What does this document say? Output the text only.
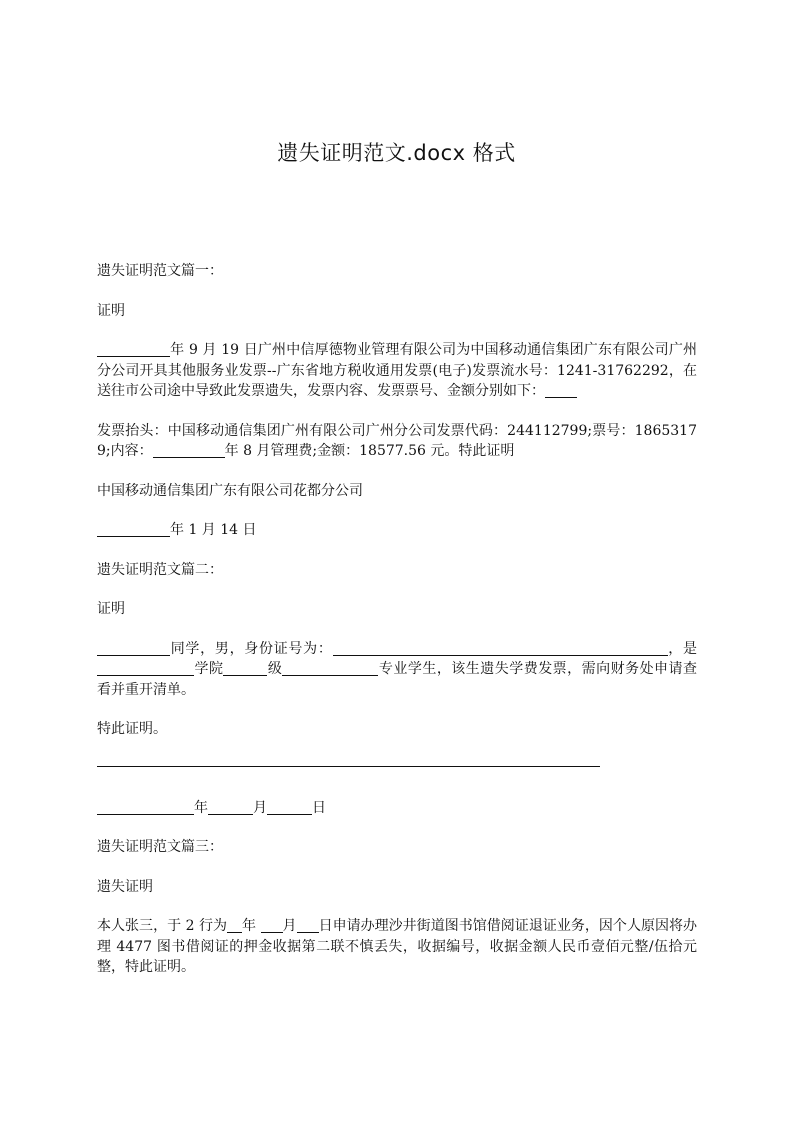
遗失证明范文.docx 格式

遗失证明范文篇一：

证明

年 9 月 19 日广州中信厚德物业管理有限公司为中国移动通信集团广东有限公司广州分公司开具其他服务业发票--广东省地方税收通用发票(电子)发票流水号：1241-31762292，在送往市公司途中导致此发票遗失，发票内容、发票票号、金额分别如下：

发票抬头：中国移动通信集团广州有限公司广州分公司发票代码：244112799;票号：18653179;内容：	年 8 月管理费;金额：18577.56 元。特此证明

中国移动通信集团广东有限公司花都分公司

年 1 月 14 日

遗失证明范文篇二：

证明

同学，男，身份证号为：	，是学院	级	专业学生，该生遗失学费发票，需向财务处申请查看并重开清单。

特此证明。

年	月	日

遗失证明范文篇三：

遗失证明

本人张三，于 2 行为 年 月 日申请办理沙井街道图书馆借阅证退证业务，因个人原因将办理 4477 图书借阅证的押金收据第二联不慎丢失，收据编号，收据金额人民币壹佰元整/伍拾元整，特此证明。
